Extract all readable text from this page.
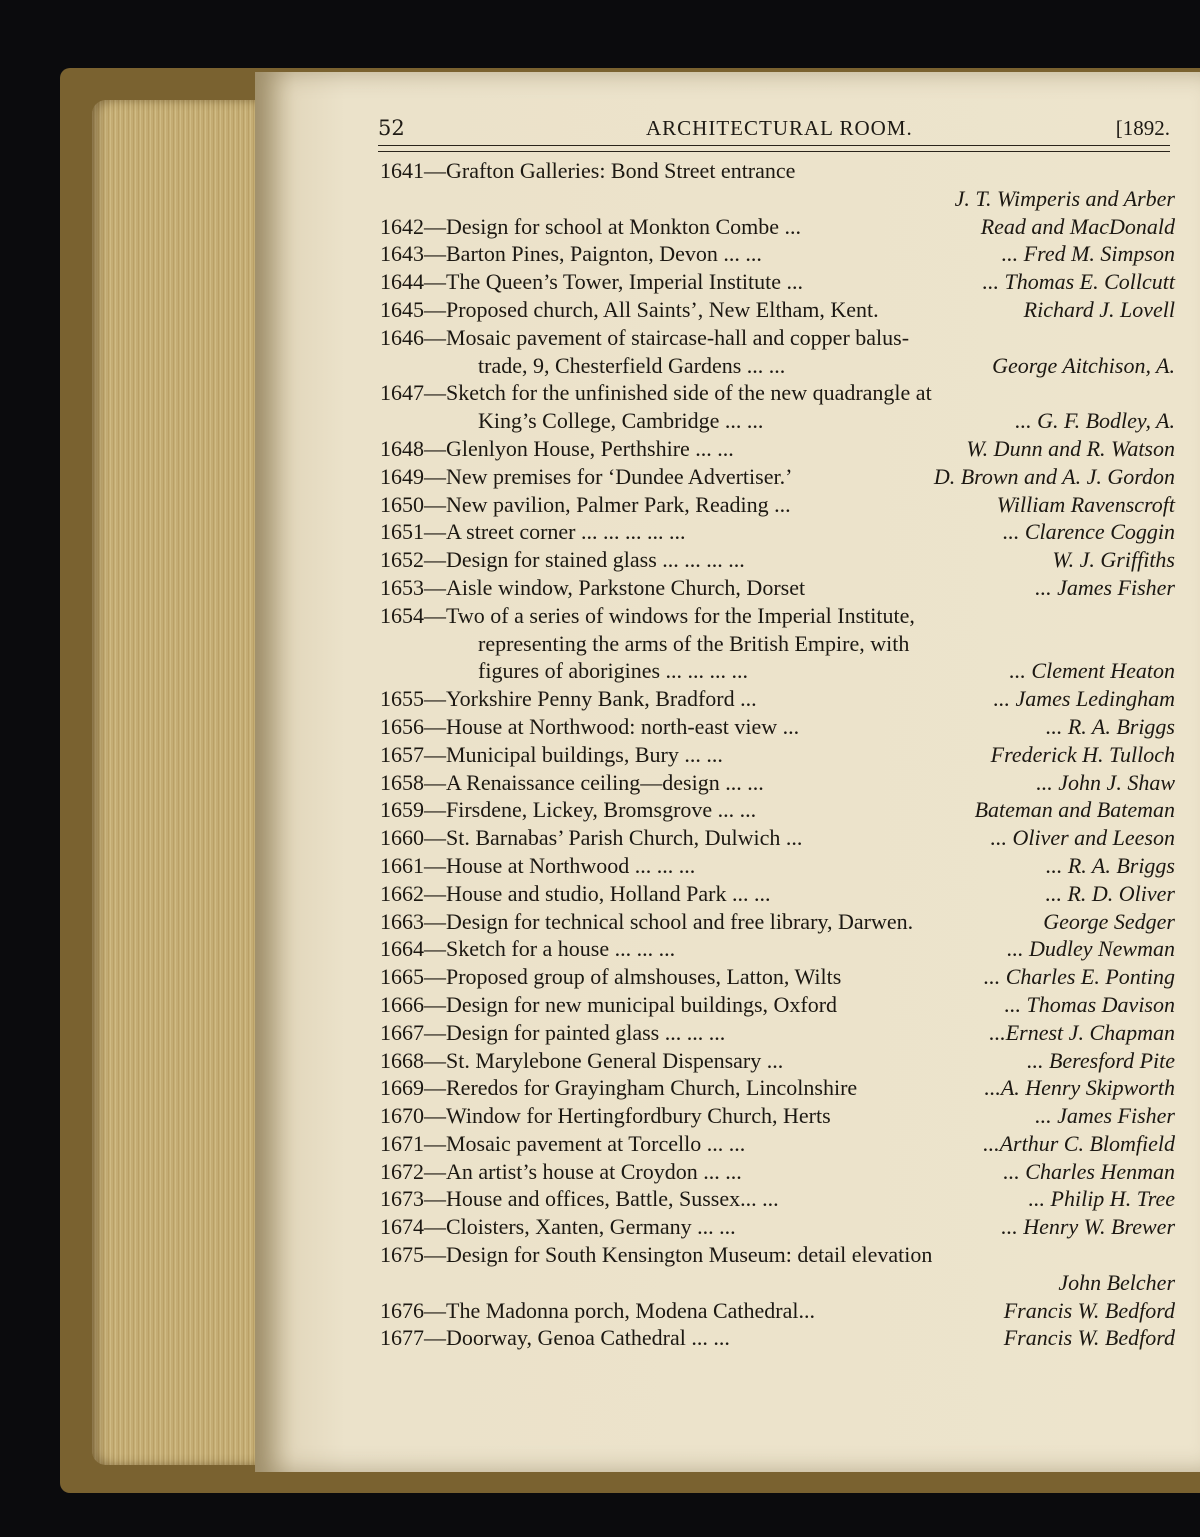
52	ARCHITECTURAL ROOM.	[1892.
1641—Grafton Galleries: Bond Street entrance
J. T. Wimperis and Arber
1642—Design for school at Monkton Combe ...	Read and MacDonald
1643—Barton Pines, Paignton, Devon ... ...	... Fred M. Simpson
1644—The Queen’s Tower, Imperial Institute ...	... Thomas E. Collcutt
1645—Proposed church, All Saints’, New Eltham, Kent.	Richard J. Lovell
1646—Mosaic pavement of staircase-hall and copper balus-
trade, 9, Chesterfield Gardens ... ...	George Aitchison, A.
1647—Sketch for the unfinished side of the new quadrangle at
King’s College, Cambridge ... ...	... G. F. Bodley, A.
1648—Glenlyon House, Perthshire ... ...	W. Dunn and R. Watson
1649—New premises for ‘Dundee Advertiser.’	D. Brown and A. J. Gordon
1650—New pavilion, Palmer Park, Reading ...	William Ravenscroft
1651—A street corner ... ... ... ... ...	... Clarence Coggin
1652—Design for stained glass ... ... ... ...	W. J. Griffiths
1653—Aisle window, Parkstone Church, Dorset	... James Fisher
1654—Two of a series of windows for the Imperial Institute,
representing the arms of the British Empire, with
figures of aborigines ... ... ... ...	... Clement Heaton
1655—Yorkshire Penny Bank, Bradford ...	... James Ledingham
1656—House at Northwood: north-east view ...	... R. A. Briggs
1657—Municipal buildings, Bury ... ...	Frederick H. Tulloch
1658—A Renaissance ceiling—design ... ...	... John J. Shaw
1659—Firsdene, Lickey, Bromsgrove ... ...	Bateman and Bateman
1660—St. Barnabas’ Parish Church, Dulwich ...	... Oliver and Leeson
1661—House at Northwood ... ... ...	... R. A. Briggs
1662—House and studio, Holland Park ... ...	... R. D. Oliver
1663—Design for technical school and free library, Darwen.	George Sedger
1664—Sketch for a house ... ... ...	... Dudley Newman
1665—Proposed group of almshouses, Latton, Wilts	... Charles E. Ponting
1666—Design for new municipal buildings, Oxford	... Thomas Davison
1667—Design for painted glass ... ... ...	...Ernest J. Chapman
1668—St. Marylebone General Dispensary ...	... Beresford Pite
1669—Reredos for Grayingham Church, Lincolnshire	...A. Henry Skipworth
1670—Window for Hertingfordbury Church, Herts	... James Fisher
1671—Mosaic pavement at Torcello ... ...	...Arthur C. Blomfield
1672—An artist’s house at Croydon ... ...	... Charles Henman
1673—House and offices, Battle, Sussex... ...	... Philip H. Tree
1674—Cloisters, Xanten, Germany ... ...	... Henry W. Brewer
1675—Design for South Kensington Museum: detail elevation
John Belcher
1676—The Madonna porch, Modena Cathedral...	Francis W. Bedford
1677—Doorway, Genoa Cathedral ... ...	Francis W. Bedford
